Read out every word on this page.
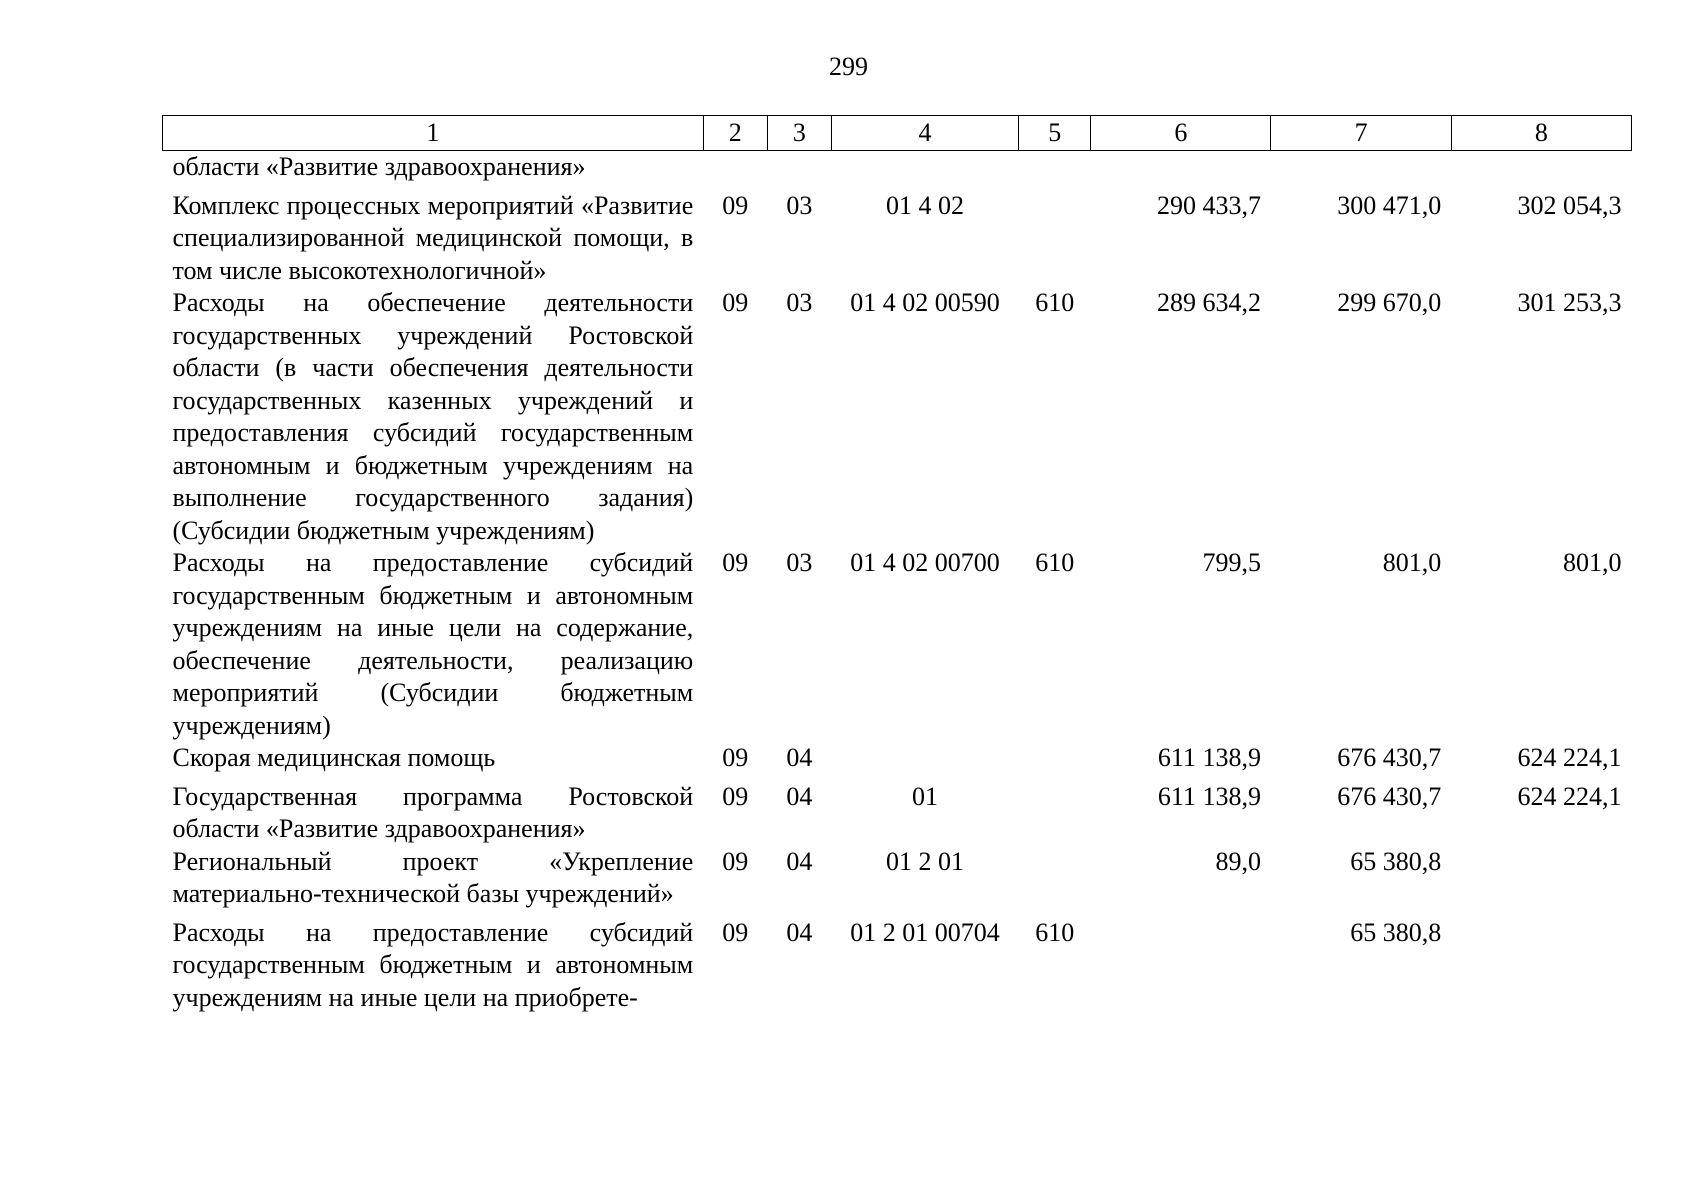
299
1	2	3	4	5	6	7	8
области «Развитие здравоохранения»							
Комплекс процессных мероприятий «Развитие специализированной медицинской помощи, в том числе высокотехнологичной»	09	03	01 4 02		290 433,7	300 471,0	302 054,3
Расходы на обеспечение деятельности государственных учреждений Ростовской области (в части обеспечения деятельности государственных казенных учреждений и предоставления субсидий государственным автономным и бюджетным учреждениям на выполнение государственного задания) (Субсидии бюджетным учреждениям)	09	03	01 4 02 00590	610	289 634,2	299 670,0	301 253,3
Расходы на предоставление субсидий государственным бюджетным и автономным учреждениям на иные цели на содержание, обеспечение деятельности, реализацию мероприятий (Субсидии бюджетным учреждениям)	09	03	01 4 02 00700	610	799,5	801,0	801,0
Скорая медицинская помощь	09	04			611 138,9	676 430,7	624 224,1
Государственная программа Ростовской области «Развитие здравоохранения»	09	04	01		611 138,9	676 430,7	624 224,1
Региональный проект «Укрепление материально-технической базы учреждений»	09	04	01 2 01		89,0	65 380,8	
Расходы на предоставление субсидий государственным бюджетным и автономным учреждениям на иные цели на приобрете-	09	04	01 2 01 00704	610		65 380,8	
